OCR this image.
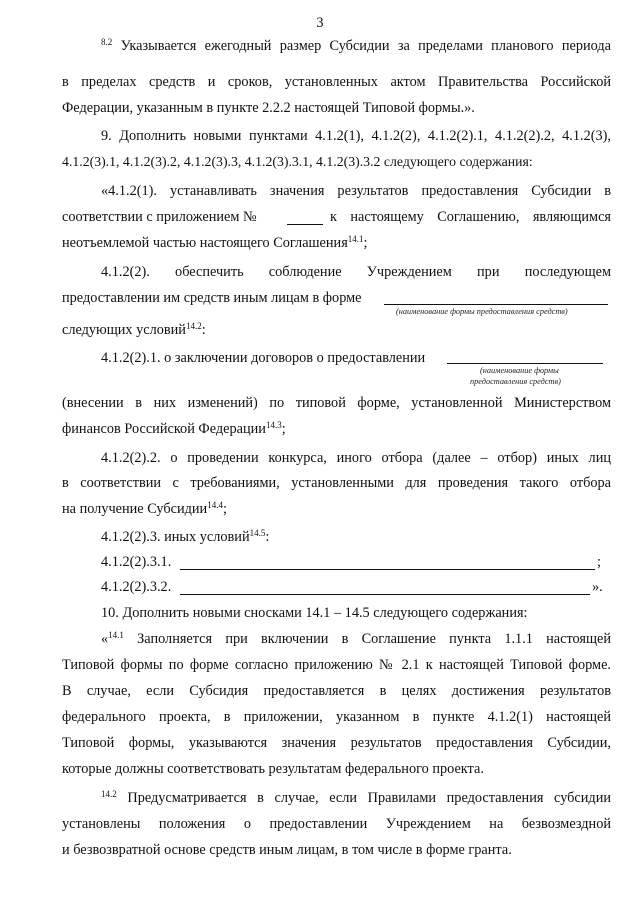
3
$^{8.2}$ Указывается ежегодный размер Субсидии за пределами планового периода
в пределах средств и сроков, установленных актом Правительства Российской
Федерации, указанным в пункте 2.2.2 настоящей Типовой формы.».
9. Дополнить новыми пунктами 4.1.2(1), 4.1.2(2), 4.1.2(2).1, 4.1.2(2).2, 4.1.2(3),
4.1.2(3).1, 4.1.2(3).2, 4.1.2(3).3, 4.1.2(3).3.1, 4.1.2(3).3.2 следующего содержания:
«4.1.2(1). устанавливать значения результатов предоставления Субсидии в
соответствии с приложением №	к настоящему Соглашению, являющимся
неотъемлемой частью настоящего Соглашения$^{14.1}$;
4.1.2(2). обеспечить соблюдение Учреждением при последующем
предоставлении им средств иным лицам в форме
(наименование формы предоставления средств)
следующих условий$^{14.2}$:
4.1.2(2).1. о заключении договоров о предоставлении
(наименование формы
предоставления средств)
(внесении в них изменений) по типовой форме, установленной Министерством
финансов Российской Федерации$^{14.3}$;
4.1.2(2).2. о проведении конкурса, иного отбора (далее – отбор) иных лиц
в соответствии с требованиями, установленными для проведения такого отбора
на получение Субсидии$^{14.4}$;
4.1.2(2).3. иных условий$^{14.5}$:
4.1.2(2).3.1.	;
4.1.2(2).3.2.	».
10. Дополнить новыми сносками 14.1 – 14.5 следующего содержания:
«$^{14.1}$ Заполняется при включении в Соглашение пункта 1.1.1 настоящей
Типовой формы по форме согласно приложению № 2.1 к настоящей Типовой форме.
В случае, если Субсидия предоставляется в целях достижения результатов
федерального проекта, в приложении, указанном в пункте 4.1.2(1) настоящей
Типовой формы, указываются значения результатов предоставления Субсидии,
которые должны соответствовать результатам федерального проекта.
$^{14.2}$ Предусматривается в случае, если Правилами предоставления субсидии
установлены положения о предоставлении Учреждением на безвозмездной
и безвозвратной основе средств иным лицам, в том числе в форме гранта.
